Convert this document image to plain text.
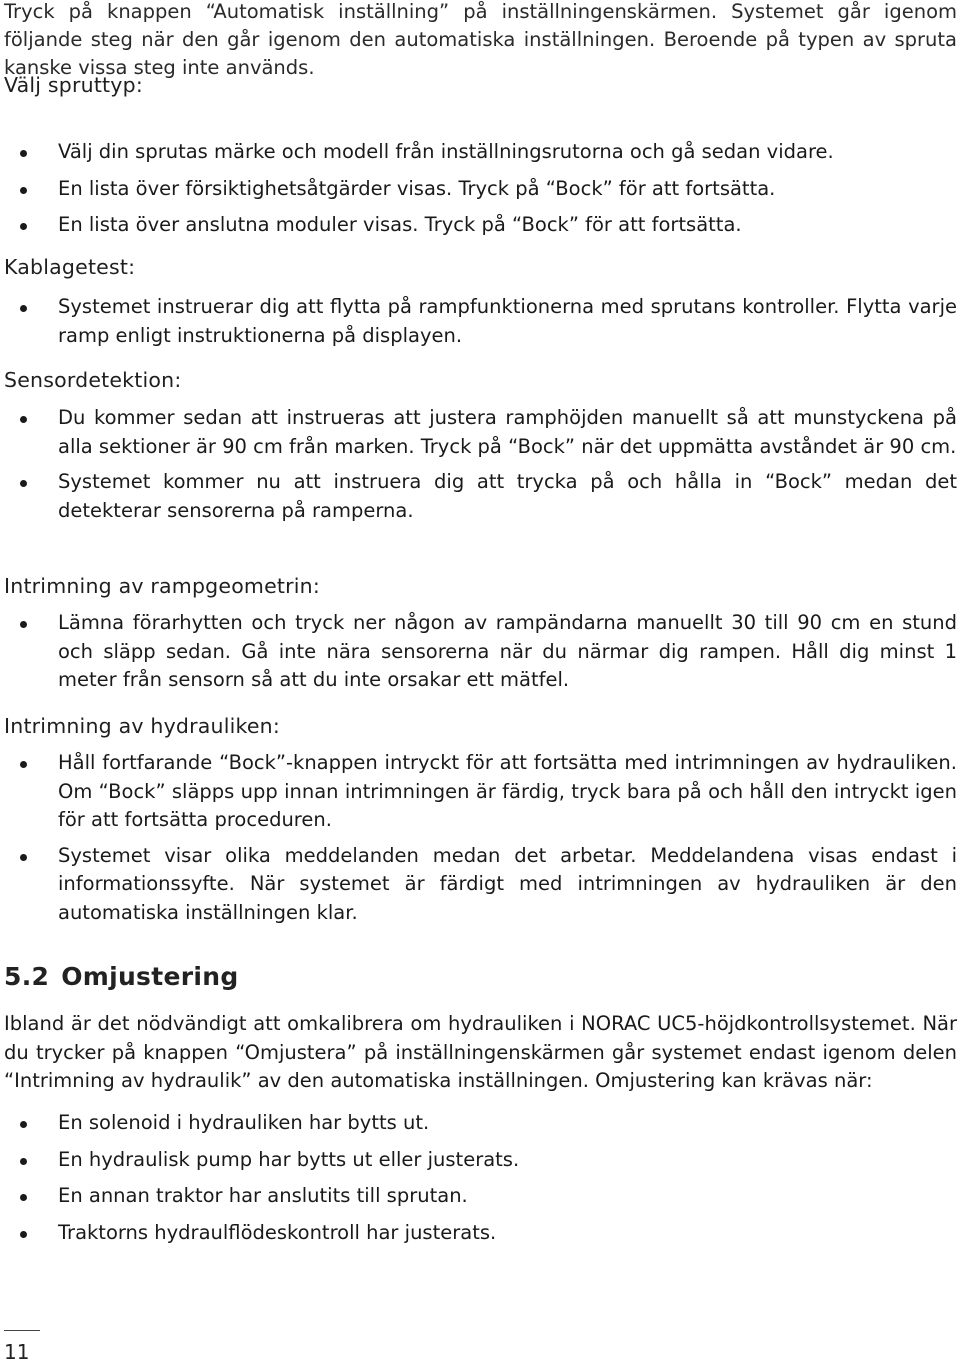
Tryck på knappen “Automatisk inställning” på inställningenskärmen. Systemet går igenom följande steg när den går igenom den automatiska inställningen. Beroende på typen av spruta kanske vissa steg inte används.

Välj spruttyp:
Välj din sprutas märke och modell från inställningsrutorna och gå sedan vidare.
En lista över försiktighetsåtgärder visas. Tryck på “Bock” för att fortsätta.
En lista över anslutna moduler visas. Tryck på “Bock” för att fortsätta.
Kablagetest:
Systemet instruerar dig att flytta på rampfunktionerna med sprutans kontroller. Flytta varje ramp enligt instruktionerna på displayen.
Sensordetektion:
Du kommer sedan att instrueras att justera ramphöjden manuellt så att munstyckena på alla sektioner är 90 cm från marken. Tryck på “Bock” när det uppmätta avståndet är 90 cm.
Systemet kommer nu att instruera dig att trycka på och hålla in “Bock” medan det detekterar sensorerna på ramperna.
Intrimning av rampgeometrin:
Lämna förarhytten och tryck ner någon av rampändarna manuellt 30 till 90 cm en stund och släpp sedan. Gå inte nära sensorerna när du närmar dig rampen. Håll dig minst 1 meter från sensorn så att du inte orsakar ett mätfel.
Intrimning av hydrauliken:
Håll fortfarande “Bock”-knappen intryckt för att fortsätta med intrimningen av hydrauliken. Om “Bock” släpps upp innan intrimningen är färdig, tryck bara på och håll den intryckt igen för att fortsätta proceduren.
Systemet visar olika meddelanden medan det arbetar. Meddelandena visas endast i informationssyfte. När systemet är färdigt med intrimningen av hydrauliken är den automatiska inställningen klar.
5.2 Omjustering

Ibland är det nödvändigt att omkalibrera om hydrauliken i NORAC UC5-höjdkontrollsystemet. När du trycker på knappen “Omjustera” på inställningenskärmen går systemet endast igenom delen “Intrimning av hydraulik” av den automatiska inställningen. Omjustering kan krävas när:

En solenoid i hydrauliken har bytts ut.
En hydraulisk pump har bytts ut eller justerats.
En annan traktor har anslutits till sprutan.
Traktorns hydraulflödeskontroll har justerats.
11
